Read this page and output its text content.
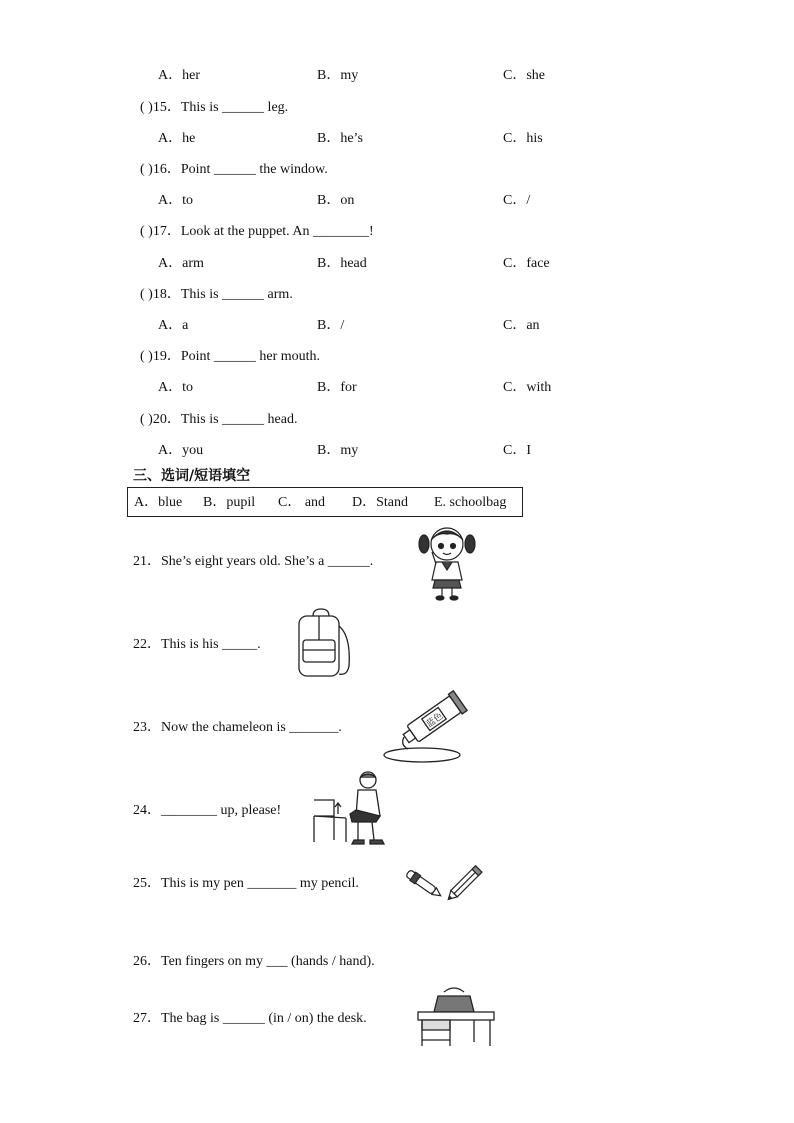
A．her	B．my	C．she
( )15．This is ______ leg.
A．he	B．he’s	C．his
( )16．Point ______ the window.
A．to	B．on	C．/
( )17．Look at the puppet. An ________!
A．arm	B．head	C．face
( )18．This is ______ arm.
A．a	B．/	C．an
( )19．Point ______ her mouth.
A．to	B．for	C．with
( )20．This is ______ head.
A．you	B．my	C．I
三、选词/短语填空
A．blue B．pupil C． and D．Stand E. schoolbag
21．She’s eight years old. She’s a ______.
22．This is his _____.
23．Now the chameleon is _______.	蓝色
24．________ up, please!
25．This is my pen _______ my pencil.
26．Ten fingers on my ___ (hands / hand).
27．The bag is ______ (in / on) the desk.
